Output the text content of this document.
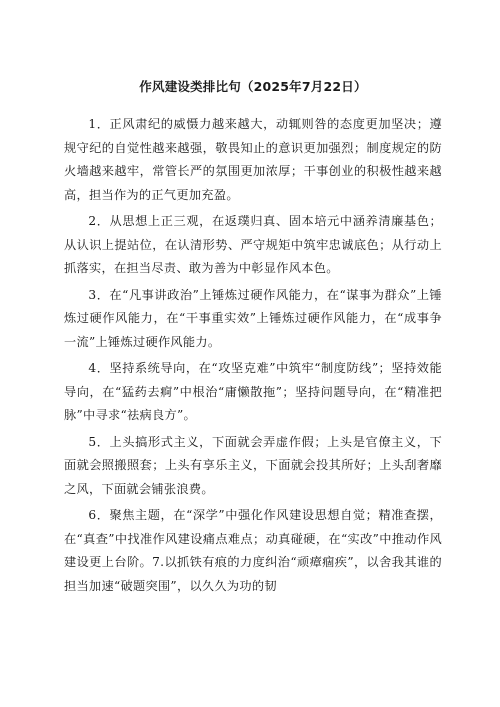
作风建设类排比句（2025年7月22日）

1．正风肃纪的威慑力越来越大，动辄则咎的态度更加坚决；遵规守纪的自觉性越来越强，敬畏知止的意识更加强烈；制度规定的防火墙越来越牢，常管长严的氛围更加浓厚；干事创业的积极性越来越高，担当作为的正气更加充盈。

2．从思想上正三观，在返璞归真、固本培元中涵养清廉基色；从认识上提站位，在认清形势、严守规矩中筑牢忠诚底色；从行动上抓落实，在担当尽责、敢为善为中彰显作风本色。

3．在“凡事讲政治”上锤炼过硬作风能力，在“谋事为群众”上锤炼过硬作风能力，在“干事重实效”上锤炼过硬作风能力，在“成事争一流”上锤炼过硬作风能力。

4．坚持系统导向，在“攻坚克难”中筑牢“制度防线”；坚持效能导向，在“猛药去痾”中根治“庸懒散拖”；坚持问题导向，在“精准把脉”中寻求“祛病良方”。

5．上头搞形式主义，下面就会弄虚作假；上头是官僚主义，下面就会照搬照套；上头有享乐主义，下面就会投其所好；上头刮奢靡之风，下面就会铺张浪费。

6．聚焦主题，在“深学”中强化作风建设思想自觉；精准查摆，在“真查”中找准作风建设痛点难点；动真碰硬，在“实改”中推动作风建设更上台阶。7.以抓铁有痕的力度纠治“顽瘴痼疾”，以舍我其谁的担当加速“破题突围”，以久久为功的韧
